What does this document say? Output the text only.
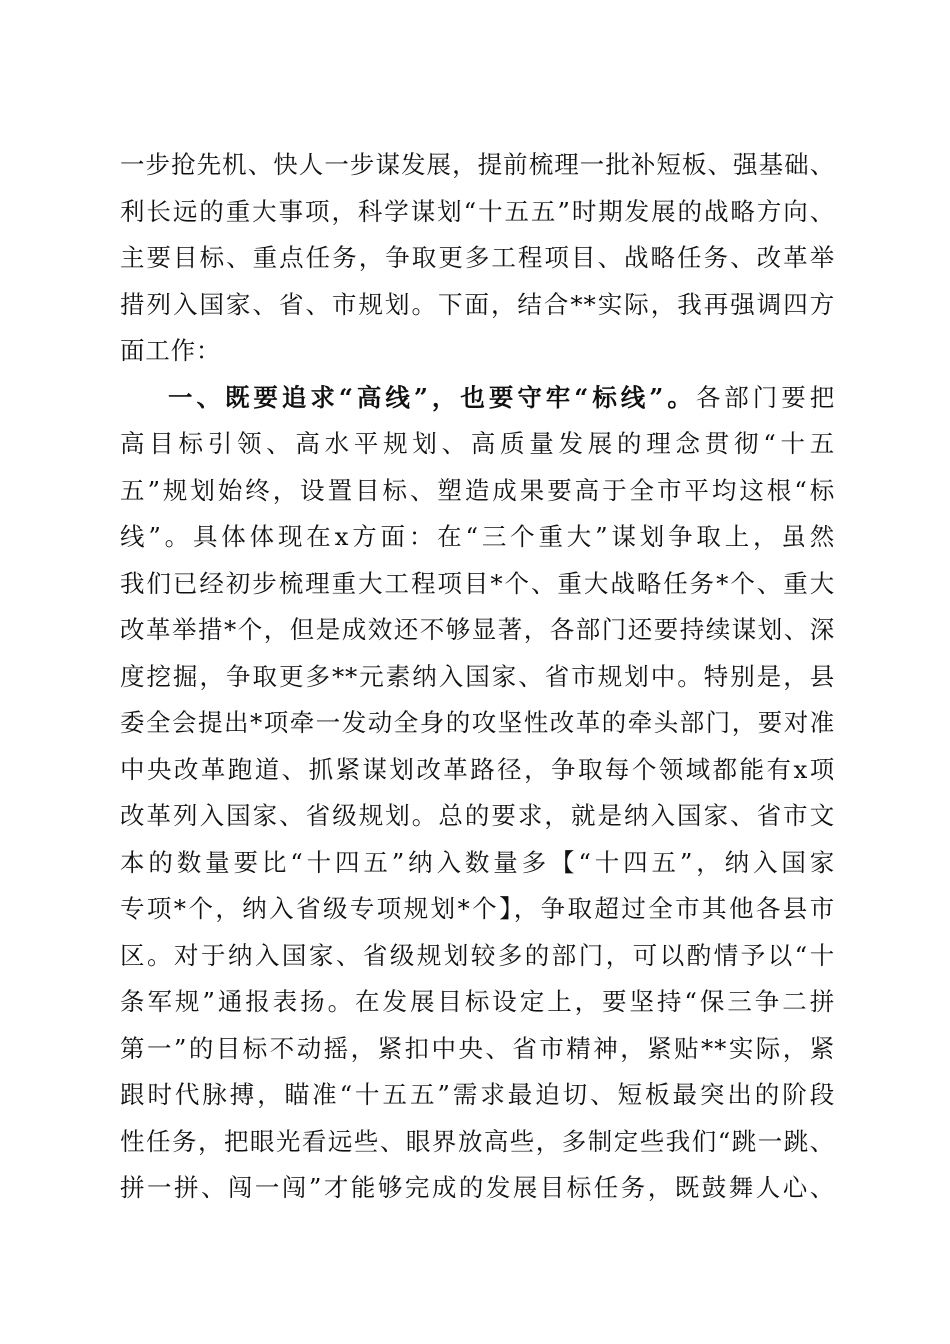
一步抢先机、快人一步谋发展，提前梳理一批补短板、强基础、
利长远的重大事项，科学谋划“十五五”时期发展的战略方向、
主要目标、重点任务，争取更多工程项目、战略任务、改革举
措列入国家、省、市规划。下面，结合**实际，我再强调四方
面工作：
一、既要追求“高线”，也要守牢“标线”。各部门要把
高目标引领、高水平规划、高质量发展的理念贯彻“十五
五”规划始终，设置目标、塑造成果要高于全市平均这根“标
线”。具体体现在x方面：在“三个重大”谋划争取上，虽然
我们已经初步梳理重大工程项目*个、重大战略任务*个、重大
改革举措*个，但是成效还不够显著，各部门还要持续谋划、深
度挖掘，争取更多**元素纳入国家、省市规划中。特别是，县
委全会提出*项牵一发动全身的攻坚性改革的牵头部门，要对准
中央改革跑道、抓紧谋划改革路径，争取每个领域都能有x项
改革列入国家、省级规划。总的要求，就是纳入国家、省市文
本的数量要比“十四五”纳入数量多【“十四五”，纳入国家
专项*个，纳入省级专项规划*个】，争取超过全市其他各县市
区。对于纳入国家、省级规划较多的部门，可以酌情予以“十
条军规”通报表扬。在发展目标设定上，要坚持“保三争二拼
第一”的目标不动摇，紧扣中央、省市精神，紧贴**实际，紧
跟时代脉搏，瞄准“十五五”需求最迫切、短板最突出的阶段
性任务，把眼光看远些、眼界放高些，多制定些我们“跳一跳、
拼一拼、闯一闯”才能够完成的发展目标任务，既鼓舞人心、
